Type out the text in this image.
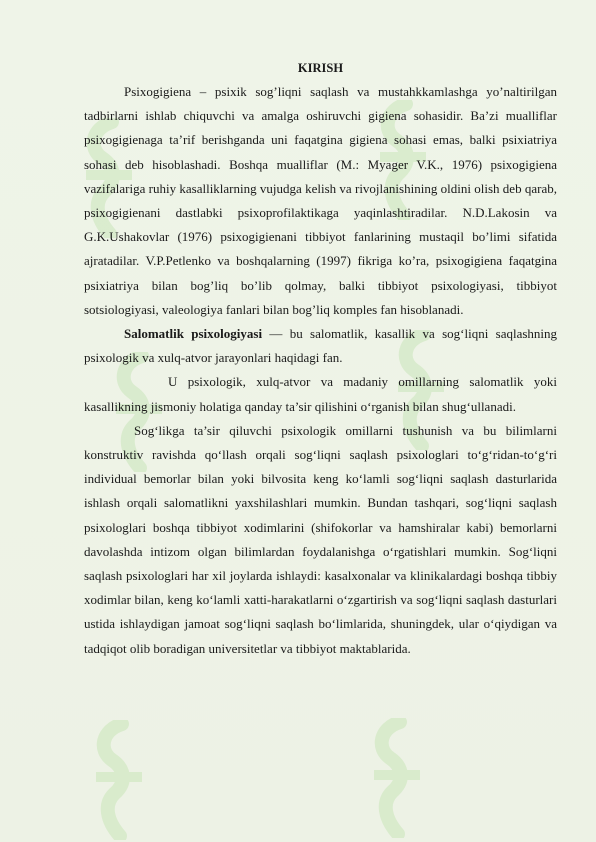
KIRISH

Psixogigiena – psixik sog’liqni saqlash va mustahkkamlashga yo’naltirilgan tadbirlarni ishlab chiquvchi va amalga oshiruvchi gigiena sohasidir. Ba’zi mualliflar psixogigienaga ta’rif berishganda uni faqatgina gigiena sohasi emas, balki psixiatriya sohasi deb hisoblashadi. Boshqa mualliflar (M.: Myager V.K., 1976) psixogigiena vazifalariga ruhiy kasalliklarning vujudga kelish va rivojlanishining oldini olish deb qarab, psixogigienani dastlabki psixoprofilaktikaga yaqinlashtiradilar. N.D.Lakosin va G.K.Ushakovlar (1976) psixogigienani tibbiyot fanlarining mustaqil bo’limi sifatida ajratadilar. V.P.Petlenko va boshqalarning (1997) fikriga ko’ra, psixogigiena faqatgina psixiatriya bilan bog’liq bo’lib qolmay, balki tibbiyot psixologiyasi, tibbiyot sotsiologiyasi, valeologiya fanlari bilan bog’liq komples fan hisoblanadi.

Salomatlik psixologiyasi — bu salomatlik, kasallik va sog‘liqni saqlashning psixologik va xulq-atvor jarayonlari haqidagi fan.

U psixologik, xulq-atvor va madaniy omillarning salomatlik yoki kasallikning jismoniy holatiga qanday ta’sir qilishini o‘rganish bilan shug‘ullanadi.

Sog‘likga ta’sir qiluvchi psixologik omillarni tushunish va bu bilimlarni konstruktiv ravishda qo‘llash orqali sog‘liqni saqlash psixologlari to‘g‘ridan-to‘g‘ri individual bemorlar bilan yoki bilvosita keng ko‘lamli sog‘liqni saqlash dasturlarida ishlash orqali salomatlikni yaxshilashlari mumkin. Bundan tashqari, sog‘liqni saqlash psixologlari boshqa tibbiyot xodimlarini (shifokorlar va hamshiralar kabi) bemorlarni davolashda intizom olgan bilimlardan foydalanishga o‘rgatishlari mumkin. Sog‘liqni saqlash psixologlari har xil joylarda ishlaydi: kasalxonalar va klinikalardagi boshqa tibbiy xodimlar bilan, keng ko‘lamli xatti-harakatlarni o‘zgartirish va sog‘liqni saqlash dasturlari ustida ishlaydigan jamoat sog‘liqni saqlash bo‘limlarida, shuningdek, ular o‘qiydigan va tadqiqot olib boradigan universitetlar va tibbiyot maktablarida.
